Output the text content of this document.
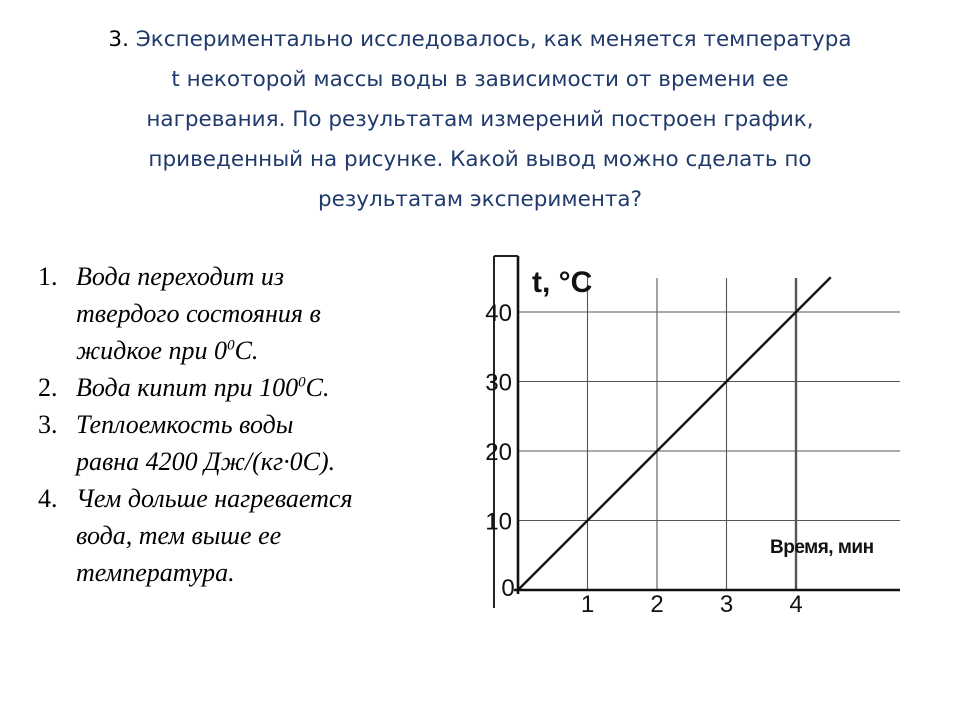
3. Экспериментально исследовалось, как меняется температура
t некоторой массы воды в зависимости от времени ее
нагревания. По результатам измерений построен график,
приведенный на рисунке. Какой вывод можно сделать по
результатам эксперимента?
1. Вода переходит из
твердого состояния в
жидкое при $0^0С$.
2. Вода кипит при $100^0С$.
3. Теплоемкость воды
равна 4200 Дж/(кг·0С).
4. Чем дольше нагревается
вода, тем выше ее
температура.
10
20
30
40
0
1 2 3 4
t, °C
Время, мин
